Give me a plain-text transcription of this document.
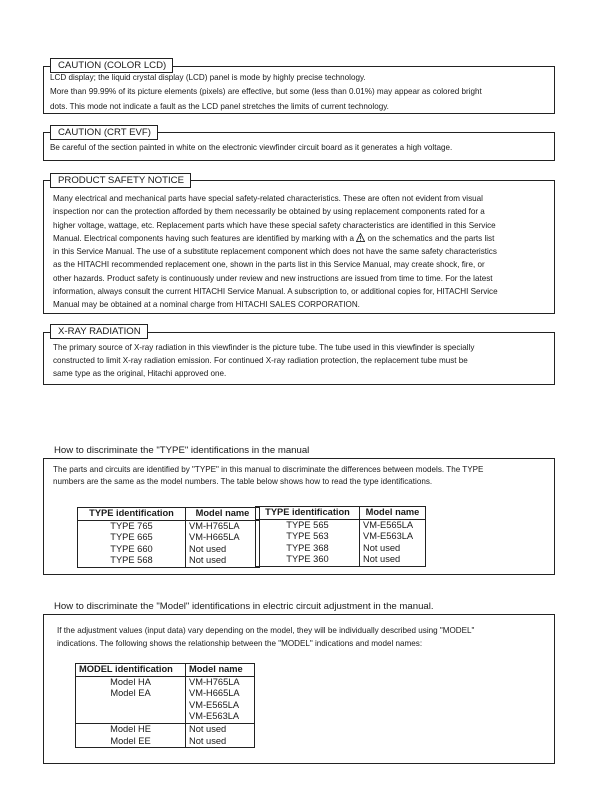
LCD display; the liquid crystal display (LCD) panel is mode by highly precise technology.

More than 99.99% of its picture elements (pixels) are effective, but some (less than 0.01%) may appear as colored bright

dots. This mode not indicate a fault as the LCD panel stretches the limits of current technology.

CAUTION (COLOR LCD)

Be careful of the section painted in white on the electronic viewfinder circuit board as it generates a high voltage.

CAUTION (CRT EVF)

Many electrical and mechanical parts have special safety-related characteristics. These are often not evident from visual

inspection nor can the protection afforded by them necessarily be obtained by using replacement components rated for a

higher voltage, wattage, etc. Replacement parts which have these special safety characteristics are identified in this Service

Manual. Electrical components having such features are identified by marking with a on the schematics and the parts list

in this Service Manual. The use of a substitute replacement component which does not have the same safety characteristics

as the HITACHI recommended replacement one, shown in the parts list in this Service Manual, may create shock, fire, or

other hazards. Product safety is continuously under review and new instructions are issued from time to time. For the latest

information, always consult the current HITACHI Service Manual. A subscription to, or additional copies for, HITACHI Service

Manual may be obtained at a nominal charge from HITACHI SALES CORPORATION.

PRODUCT SAFETY NOTICE

The primary source of X-ray radiation in this viewfinder is the picture tube. The tube used in this viewfinder is specially

constructed to limit X-ray radiation emission. For continued X-ray radiation protection, the replacement tube must be

same type as the original, Hitachi approved one.

X-RAY RADIATION
How to discriminate the "TYPE" identifications in the manual

The parts and circuits are identified by "TYPE" in this manual to discriminate the differences between models. The TYPE

numbers are the same as the model numbers. The table below shows how to read the type identifications.

TYPE identification	Model name
TYPE 765	VM-H765LA
TYPE 665	VM-H665LA
TYPE 660	Not used
TYPE 568	Not used
TYPE identification	Model name
TYPE 565	VM-E565LA
TYPE 563	VM-E563LA
TYPE 368	Not used
TYPE 360	Not used
How to discriminate the "Model" identifications in electric circuit adjustment in the manual.

If the adjustment values (input data) vary depending on the model, they will be individually described using "MODEL"

indications. The following shows the relationship between the "MODEL" indications and model names:

MODEL identification	Model name
Model HA	VM-H765LA
Model EA	VM-H665LA
	VM-E565LA
	VM-E563LA
Model HE	Not used
Model EE	Not used
